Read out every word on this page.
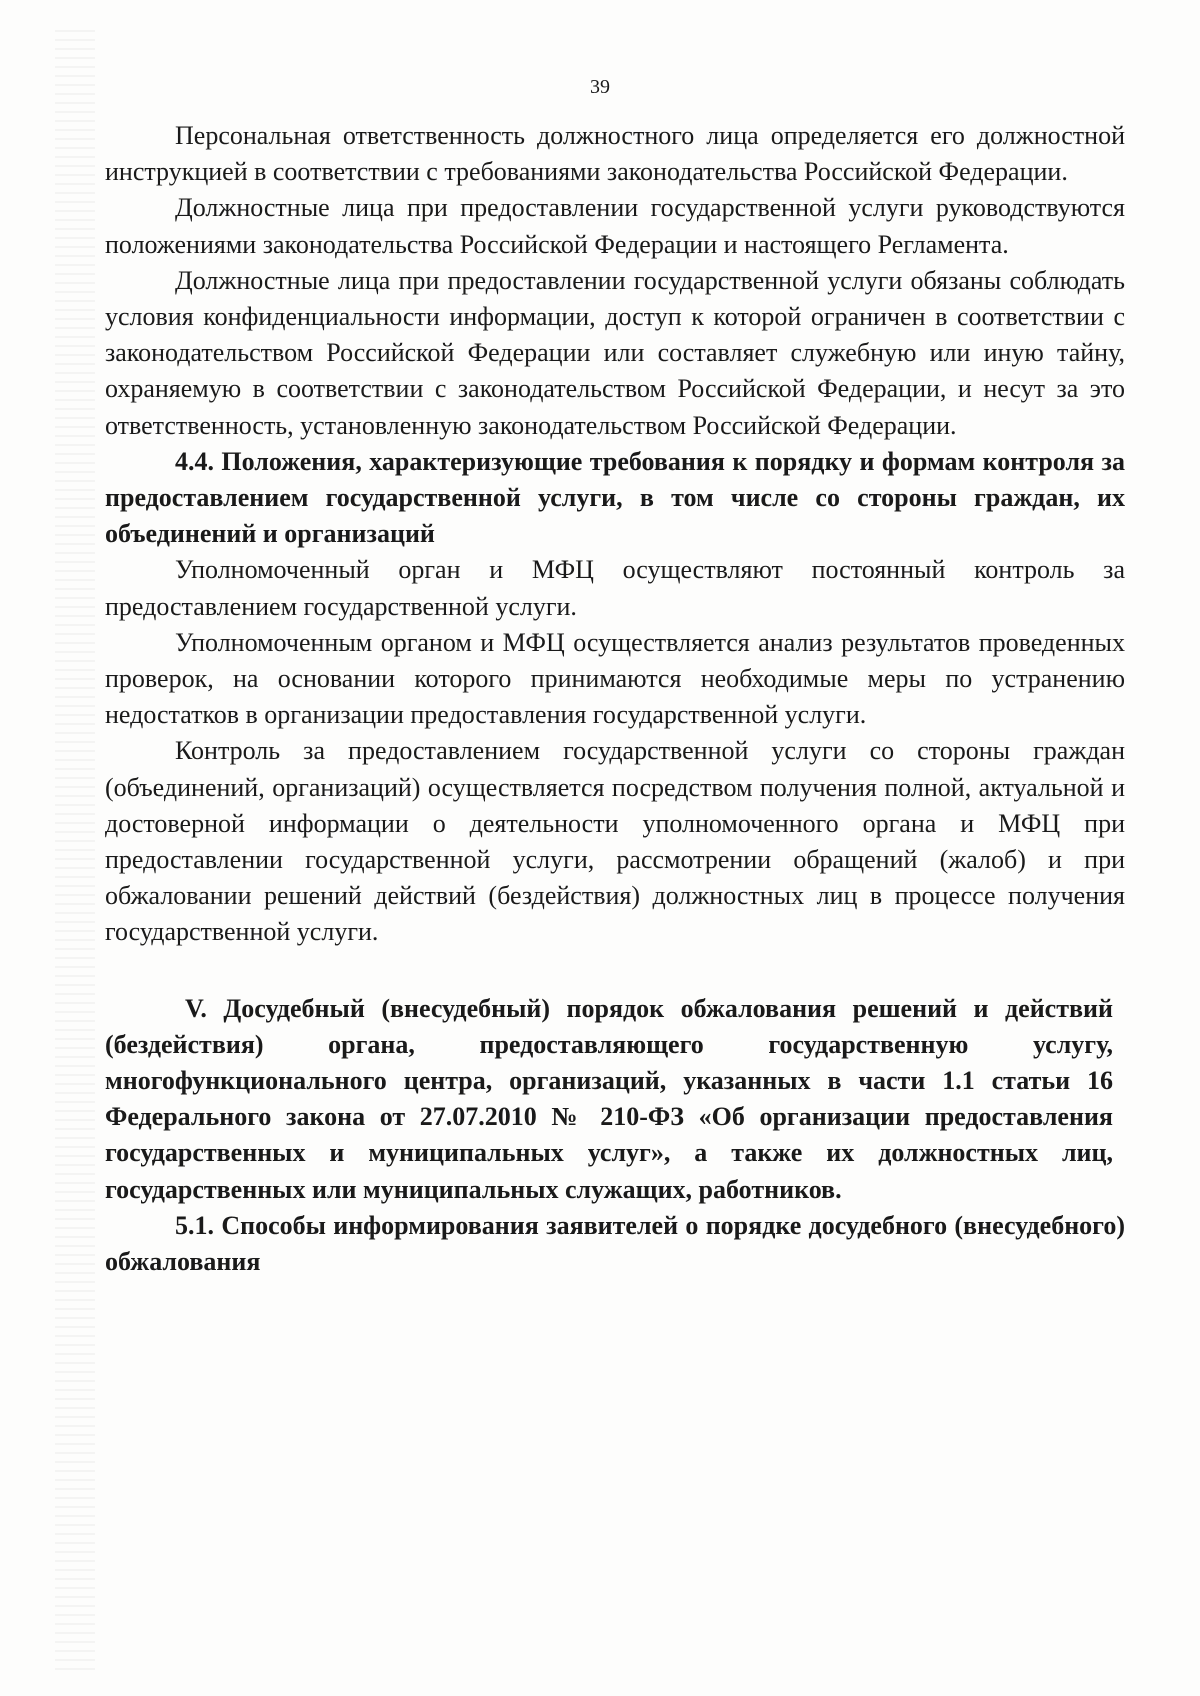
39

Персональная ответственность должностного лица определяется его должностной инструкцией в соответствии с требованиями законодательства Российской Федерации.

Должностные лица при предоставлении государственной услуги руководствуются положениями законодательства Российской Федерации и настоящего Регламента.

Должностные лица при предоставлении государственной услуги обязаны соблюдать условия конфиденциальности информации, доступ к которой ограничен в соответствии с законодательством Российской Федерации или составляет служебную или иную тайну, охраняемую в соответствии с законодательством Российской Федерации, и несут за это ответственность, установленную законодательством Российской Федерации.

4.4. Положения, характеризующие требования к порядку и формам контроля за предоставлением государственной услуги, в том числе со стороны граждан, их объединений и организаций

Уполномоченный орган и МФЦ осуществляют постоянный контроль за предоставлением государственной услуги.

Уполномоченным органом и МФЦ осуществляется анализ результатов проведенных проверок, на основании которого принимаются необходимые меры по устранению недостатков в организации предоставления государственной услуги.

Контроль за предоставлением государственной услуги со стороны граждан (объединений, организаций) осуществляется посредством получения полной, актуальной и достоверной информации о деятельности уполномоченного органа и МФЦ при предоставлении государственной услуги, рассмотрении обращений (жалоб) и при обжаловании решений действий (бездействия) должностных лиц в процессе получения государственной услуги.

V. Досудебный (внесудебный) порядок обжалования решений и действий (бездействия) органа, предоставляющего государственную услугу, многофункционального центра, организаций, указанных в части 1.1 статьи 16 Федерального закона от 27.07.2010 № 210-ФЗ «Об организации предоставления государственных и муниципальных услуг», а также их должностных лиц, государственных или муниципальных служащих, работников.

5.1. Способы информирования заявителей о порядке досудебного (внесудебного) обжалования
